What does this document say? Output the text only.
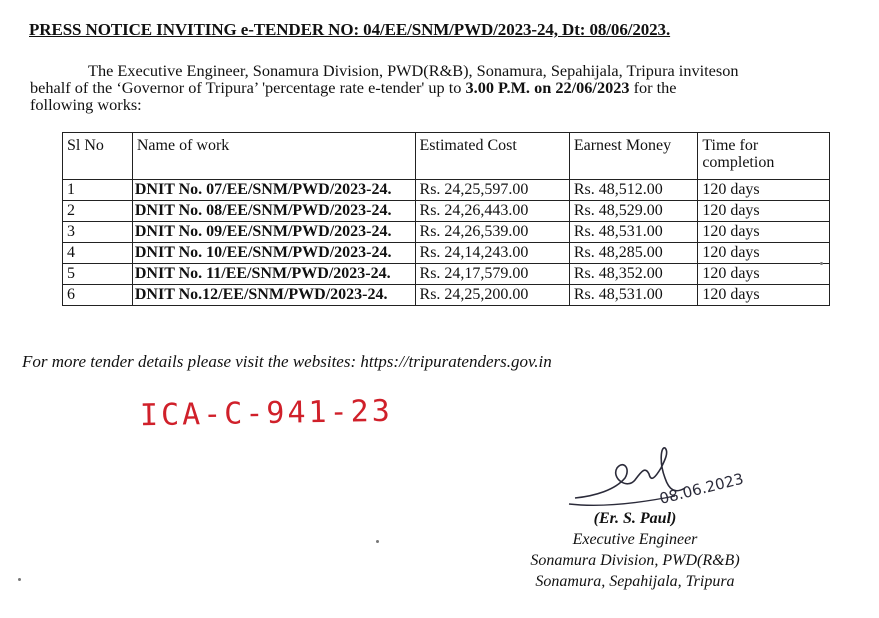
PRESS NOTICE INVITING e-TENDER NO: 04/EE/SNM/PWD/2023-24, Dt: 08/06/2023.
The Executive Engineer, Sonamura Division, PWD(R&B), Sonamura, Sepahijala, Tripura inviteson
behalf of the ‘Governor of Tripura’ 'percentage rate e-tender' up to 3.00 P.M. on 22/06/2023 for the
following works:
Sl No	Name of work	Estimated Cost	Earnest Money	Time for completion
1	DNIT No. 07/EE/SNM/PWD/2023-24.	Rs. 24,25,597.00	Rs. 48,512.00	120 days
2	DNIT No. 08/EE/SNM/PWD/2023-24.	Rs. 24,26,443.00	Rs. 48,529.00	120 days
3	DNIT No. 09/EE/SNM/PWD/2023-24.	Rs. 24,26,539.00	Rs. 48,531.00	120 days
4	DNIT No. 10/EE/SNM/PWD/2023-24.	Rs. 24,14,243.00	Rs. 48,285.00	120 days
5	DNIT No. 11/EE/SNM/PWD/2023-24.	Rs. 24,17,579.00	Rs. 48,352.00	120 days
6	DNIT No.12/EE/SNM/PWD/2023-24.	Rs. 24,25,200.00	Rs. 48,531.00	120 days
For more tender details please visit the websites: https://tripuratenders.gov.in
ICA-C-941-23
08.06.2023
(Er. S. Paul)
Executive Engineer
Sonamura Division, PWD(R&B)
Sonamura, Sepahijala, Tripura
